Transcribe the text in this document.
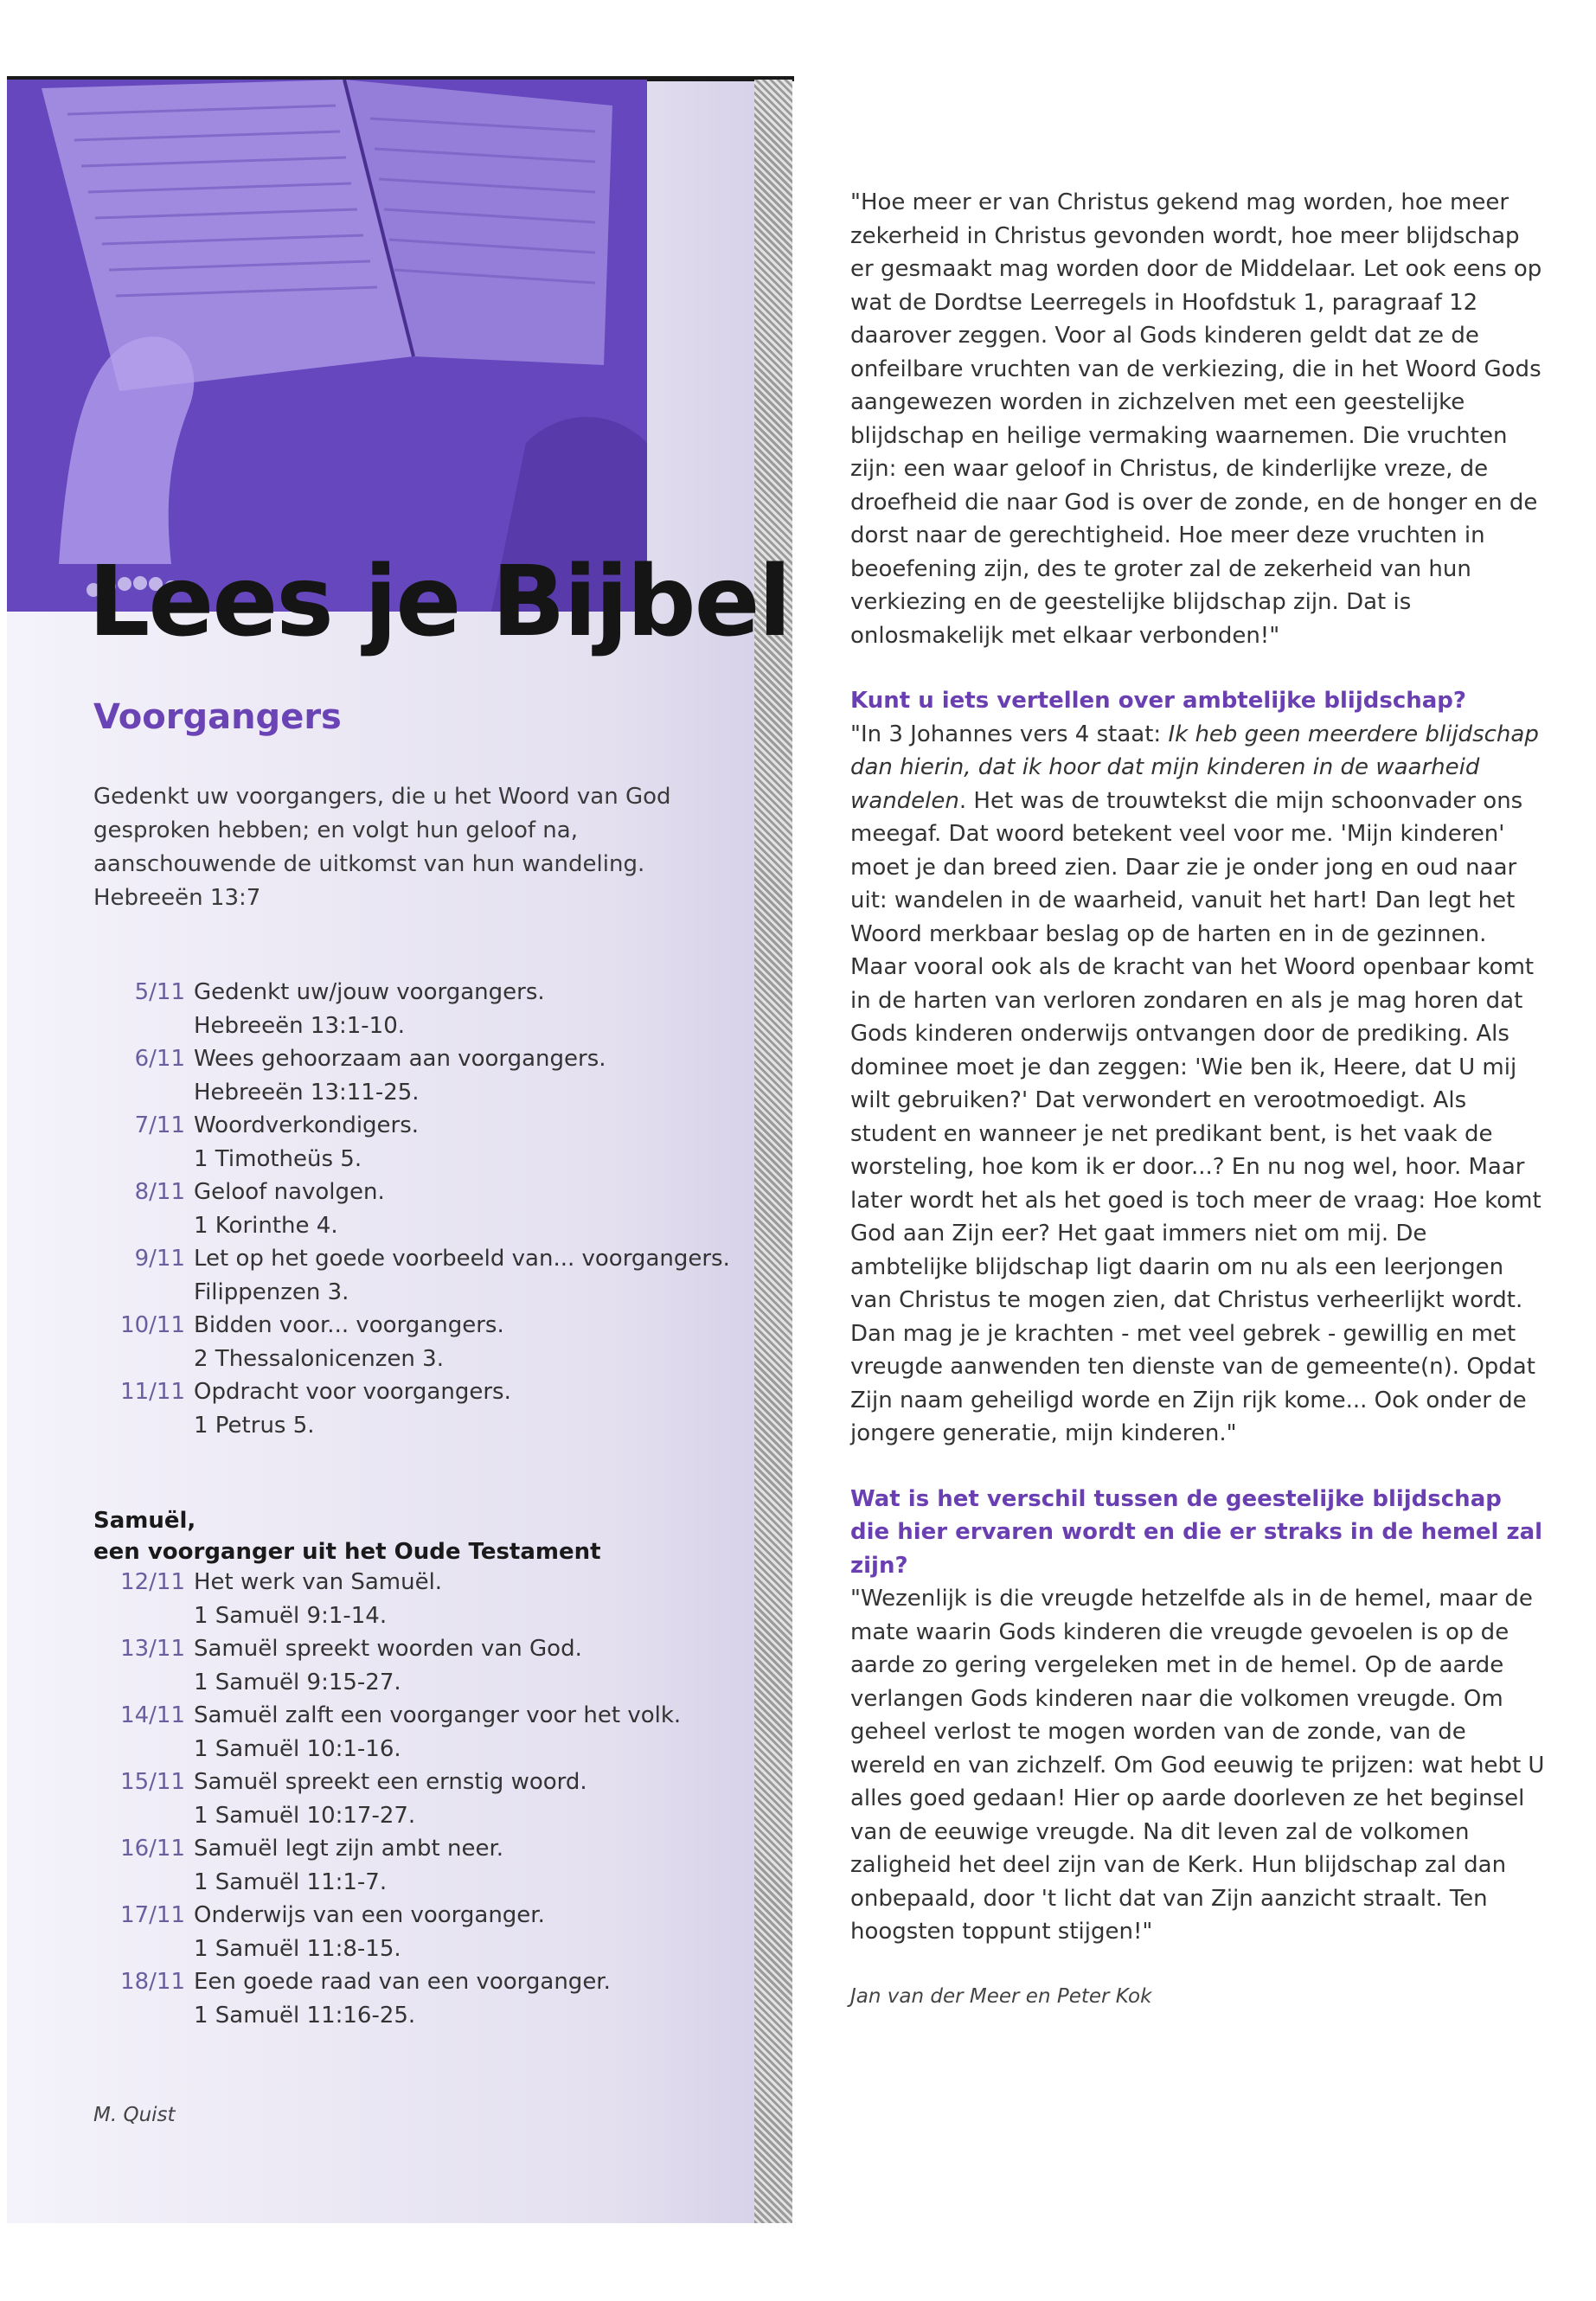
Lees je Bijbel
Voorgangers

Gedenkt uw voorgangers, die u het Woord van God gesproken hebben; en volgt hun geloof na, aanschouwende de uitkomst van hun wandeling.

Hebreeën 13:7

5/11 Gedenkt uw/jouw voorgangers.
Hebreeën 13:1-10.
6/11 Wees gehoorzaam aan voorgangers.
Hebreeën 13:11-25.
7/11 Woordverkondigers.
1 Timotheüs 5.
8/11 Geloof navolgen.
1 Korinthe 4.
9/11 Let op het goede voorbeeld van... voorgangers.
Filippenzen 3.
10/11 Bidden voor... voorgangers.
2 Thessalonicenzen 3.
11/11 Opdracht voor voorgangers.
1 Petrus 5.
Samuël,
een voorganger uit het Oude Testament
12/11 Het werk van Samuël.
1 Samuël 9:1-14.
13/11 Samuël spreekt woorden van God.
1 Samuël 9:15-27.
14/11 Samuël zalft een voorganger voor het volk.
1 Samuël 10:1-16.
15/11 Samuël spreekt een ernstig woord.
1 Samuël 10:17-27.
16/11 Samuël legt zijn ambt neer.
1 Samuël 11:1-7.
17/11 Onderwijs van een voorganger.
1 Samuël 11:8-15.
18/11 Een goede raad van een voorganger.
1 Samuël 11:16-25.
M. Quist

"Hoe meer er van Christus gekend mag worden, hoe meer zekerheid in Christus gevonden wordt, hoe meer blijdschap er gesmaakt mag worden door de Middelaar. Let ook eens op wat de Dordtse Leerregels in Hoofdstuk 1, paragraaf 12 daarover zeggen. Voor al Gods kinderen geldt dat ze de onfeilbare vruchten van de verkiezing, die in het Woord Gods aangewezen worden in zichzelven met een geestelijke blijdschap en heilige vermaking waarnemen. Die vruchten zijn: een waar geloof in Christus, de kinderlijke vreze, de droefheid die naar God is over de zonde, en de honger en de dorst naar de gerechtigheid. Hoe meer deze vruchten in beoefening zijn, des te groter zal de zekerheid van hun verkiezing en de geestelijke blijdschap zijn. Dat is onlosmakelijk met elkaar verbonden!"

Kunt u iets vertellen over ambtelijke blijdschap?

"In 3 Johannes vers 4 staat: Ik heb geen meerdere blijdschap dan hierin, dat ik hoor dat mijn kinderen in de waarheid wandelen. Het was de trouwtekst die mijn schoonvader ons meegaf. Dat woord betekent veel voor me. 'Mijn kinderen' moet je dan breed zien. Daar zie je onder jong en oud naar uit: wandelen in de waarheid, vanuit het hart! Dan legt het Woord merkbaar beslag op de harten en in de gezinnen. Maar vooral ook als de kracht van het Woord openbaar komt in de harten van verloren zondaren en als je mag horen dat Gods kinderen onderwijs ontvangen door de prediking. Als dominee moet je dan zeggen: 'Wie ben ik, Heere, dat U mij wilt gebruiken?' Dat verwondert en verootmoedigt. Als student en wanneer je net predikant bent, is het vaak de worsteling, hoe kom ik er door...? En nu nog wel, hoor. Maar later wordt het als het goed is toch meer de vraag: Hoe komt God aan Zijn eer? Het gaat immers niet om mij. De ambtelijke blijdschap ligt daarin om nu als een leerjongen van Christus te mogen zien, dat Christus verheerlijkt wordt. Dan mag je je krachten - met veel gebrek - gewillig en met vreugde aanwenden ten dienste van de gemeente(n). Opdat Zijn naam geheiligd worde en Zijn rijk kome... Ook onder de jongere generatie, mijn kinderen."

Wat is het verschil tussen de geestelijke blijdschap die hier ervaren wordt en die er straks in de hemel zal zijn?

"Wezenlijk is die vreugde hetzelfde als in de hemel, maar de mate waarin Gods kinderen die vreugde gevoelen is op de aarde zo gering vergeleken met in de hemel. Op de aarde verlangen Gods kinderen naar die volkomen vreugde. Om geheel verlost te mogen worden van de zonde, van de wereld en van zichzelf. Om God eeuwig te prijzen: wat hebt U alles goed gedaan! Hier op aarde doorleven ze het beginsel van de eeuwige vreugde. Na dit leven zal de volkomen zaligheid het deel zijn van de Kerk. Hun blijdschap zal dan onbepaald, door 't licht dat van Zijn aanzicht straalt. Ten hoogsten toppunt stijgen!"

Jan van der Meer en Peter Kok
